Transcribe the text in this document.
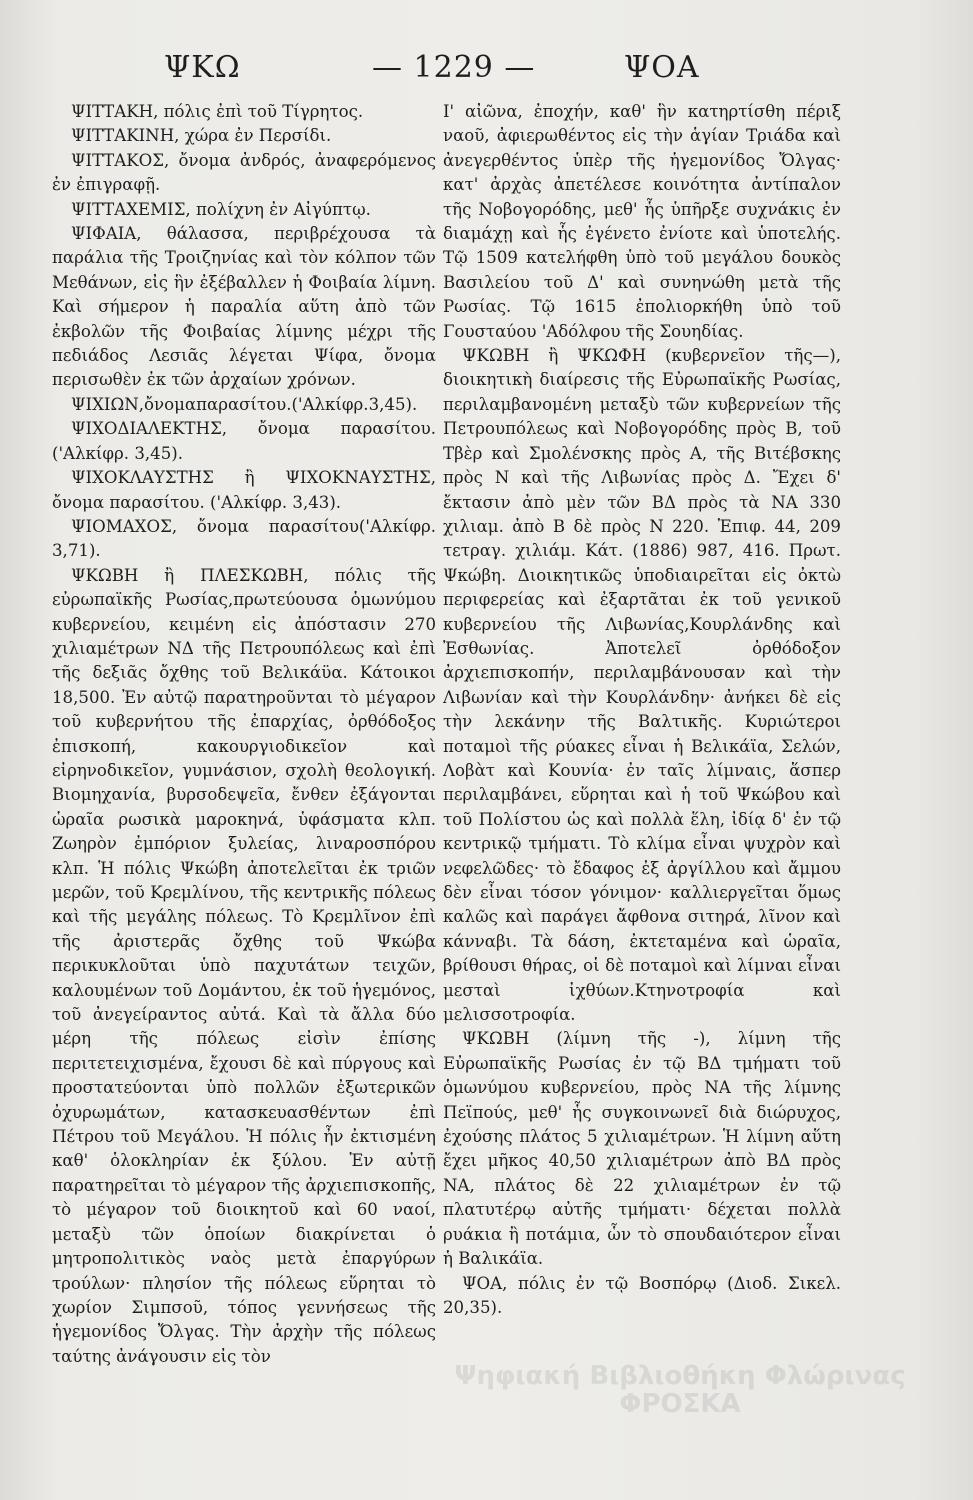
ΨΚΩ	— 1229 —	ΨΟΑ

ΨΙΤΤΑΚΗ, πόλις ἐπὶ τοῦ Τίγρητος.

ΨΙΤΤΑΚΙΝΗ, χώρα ἐν Περσίδι.

ΨΙΤΤΑΚΟΣ, ὄνομα ἀνδρός, ἀναφερόμενος ἐν ἐπιγραφῇ.

ΨΙΤΤΑΧΕΜΙΣ, πολίχνη ἐν Αἰγύπτῳ.

ΨΙΦΑΙΑ, θάλασσα, περιβρέχουσα τὰ παράλια τῆς Τροιζηνίας καὶ τὸν κόλπον τῶν Μεθάνων, εἰς ἣν ἐξέβαλλεν ἡ Φοιβαία λίμνη. Καὶ σήμερον ἡ παραλία αὕτη ἀπὸ τῶν ἐκβολῶν τῆς Φοιβαίας λίμνης μέχρι τῆς πεδιάδος Λεσιᾶς λέγεται Ψίφα, ὄνομα περισωθὲν ἐκ τῶν ἀρχαίων χρόνων.

ΨΙΧΙΩΝ,ὄνομαπαρασίτου.('Αλκίφρ.3,45).

ΨΙΧΟΔΙΑΛΕΚΤΗΣ, ὄνομα παρασίτου. ('Αλκίφρ. 3,45).

ΨΙΧΟΚΛΑΥΣΤΗΣ ἢ ΨΙΧΟΚΝΑΥΣΤΗΣ, ὄνομα παρασίτου. ('Αλκίφρ. 3,43).

ΨΙΟΜΑΧΟΣ, ὄνομα παρασίτου('Αλκίφρ. 3,71).

ΨΚΩΒΗ ἢ ΠΛΕΣΚΩΒΗ, πόλις τῆς εὐρωπαϊκῆς Ρωσίας,πρωτεύουσα ὁμωνύμου κυβερνείου, κειμένη εἰς ἀπόστασιν 270 χιλιαμέτρων ΝΔ τῆς Πετρουπόλεως καὶ ἐπὶ τῆς δεξιᾶς ὄχθης τοῦ Βελικάϋα. Κάτοικοι 18,500. Ἐν αὐτῷ παρατηροῦνται τὸ μέγαρον τοῦ κυβερνήτου τῆς ἐπαρχίας, ὀρθόδοξος ἐπισκοπή, κακουργιοδικεῖον καὶ εἰρηνοδικεῖον, γυμνάσιον, σχολὴ θεολογική. Βιομηχανία, βυρσοδεψεῖα, ἔνθεν ἐξάγονται ὡραῖα ρωσικὰ μαροκηνά, ὑφάσματα κλπ. Ζωηρὸν ἐμπόριον ξυλείας, λιναροσπόρου κλπ. Ἡ πόλις Ψκώβη ἀποτελεῖται ἐκ τριῶν μερῶν, τοῦ Κρεμλίνου, τῆς κεντρικῆς πόλεως καὶ τῆς μεγάλης πόλεως. Τὸ Κρεμλῖνον ἐπὶ τῆς ἀριστερᾶς ὄχθης τοῦ Ψκώβα περικυκλοῦται ὑπὸ παχυτάτων τειχῶν, καλουμένων τοῦ Δομάντου, ἐκ τοῦ ἡγεμόνος, τοῦ ἀνεγείραντος αὐτά. Καὶ τὰ ἄλλα δύο μέρη τῆς πόλεως εἰσὶν ἐπίσης περιτετειχισμένα, ἔχουσι δὲ καὶ πύργους καὶ προστατεύονται ὑπὸ πολλῶν ἐξωτερικῶν ὀχυρωμάτων, κατασκευασθέντων ἐπὶ Πέτρου τοῦ Μεγάλου. Ἡ πόλις ἦν ἐκτισμένη καθ' ὁλοκληρίαν ἐκ ξύλου. Ἐν αὐτῇ παρατηρεῖται τὸ μέγαρον τῆς ἀρχιεπισκοπῆς, τὸ μέγαρον τοῦ διοικητοῦ καὶ 60 ναοί, μεταξὺ τῶν ὁποίων διακρίνεται ὁ μητροπολιτικὸς ναὸς μετὰ ἐπαργύρων τρούλων· πλησίον τῆς πόλεως εὕρηται τὸ χωρίον Σιμπσοῦ, τόπος γεννήσεως τῆς ἡγεμονίδος Ὄλγας. Τὴν ἀρχὴν τῆς πόλεως ταύτης ἀνάγουσιν εἰς τὸν

Ι' αἰῶνα, ἐποχήν, καθ' ἣν κατηρτίσθη πέριξ ναοῦ, ἀφιερωθέντος εἰς τὴν ἁγίαν Τριάδα καὶ ἀνεγερθέντος ὑπὲρ τῆς ἡγεμονίδος Ὄλγας· κατ' ἀρχὰς ἀπετέλεσε κοινότητα ἀντίπαλον τῆς Νοβογορόδης, μεθ' ἧς ὑπῆρξε συχνάκις ἐν διαμάχῃ καὶ ἧς ἐγένετο ἐνίοτε καὶ ὑποτελής. Τῷ 1509 κατελήφθη ὑπὸ τοῦ μεγάλου δουκὸς Βασιλείου τοῦ Δ' καὶ συνηνώθη μετὰ τῆς Ρωσίας. Τῷ 1615 ἐπολιορκήθη ὑπὸ τοῦ Γουσταύου 'Αδόλφου τῆς Σουηδίας.

ΨΚΩΒΗ ἢ ΨΚΩΦΗ (κυβερνεῖον τῆς—), διοικητικὴ διαίρεσις τῆς Εὐρωπαϊκῆς Ρωσίας, περιλαμβανομένη μεταξὺ τῶν κυβερνείων τῆς Πετρουπόλεως καὶ Νοβογορόδης πρὸς Β, τοῦ Τβὲρ καὶ Σμολένσκης πρὸς Α, τῆς Βιτέβσκης πρὸς Ν καὶ τῆς Λιβωνίας πρὸς Δ. Ἔχει δ' ἔκτασιν ἀπὸ μὲν τῶν ΒΔ πρὸς τὰ ΝΑ 330 χιλιαμ. ἀπὸ Β δὲ πρὸς Ν 220. Ἐπιφ. 44, 209 τετραγ. χιλιάμ. Κάτ. (1886) 987, 416. Πρωτ. Ψκώβη. Διοικητικῶς ὑποδιαιρεῖται εἰς ὀκτὼ περιφερείας καὶ ἐξαρτᾶται ἐκ τοῦ γενικοῦ κυβερνείου τῆς Λιβωνίας,Κουρλάνδης καὶ Ἐσθωνίας. Ἀποτελεῖ ὀρθόδοξον ἀρχιεπισκοπήν, περιλαμβάνουσαν καὶ τὴν Λιβωνίαν καὶ τὴν Κουρλάνδην· ἀνήκει δὲ εἰς τὴν λεκάνην τῆς Βαλτικῆς. Κυριώτεροι ποταμοὶ τῆς ρύακες εἶναι ἡ Βελικάϊα, Σελών, Λοβὰτ καὶ Κουνία· ἐν ταῖς λίμναις, ἅσπερ περιλαμβάνει, εὕρηται καὶ ἡ τοῦ Ψκώβου καὶ τοῦ Πολίστου ὡς καὶ πολλὰ ἕλη, ἰδίᾳ δ' ἐν τῷ κεντρικῷ τμήματι. Τὸ κλίμα εἶναι ψυχρὸν καὶ νεφελῶδες· τὸ ἔδαφος ἐξ ἀργίλλου καὶ ἄμμου δὲν εἶναι τόσον γόνιμον· καλλιεργεῖται ὅμως καλῶς καὶ παράγει ἄφθονα σιτηρά, λῖνον καὶ κάνναβι. Τὰ δάση, ἐκτεταμένα καὶ ὡραῖα, βρίθουσι θήρας, οἱ δὲ ποταμοὶ καὶ λίμναι εἶναι μεσταὶ ἰχθύων.Κτηνοτροφία καὶ μελισσοτροφία.

ΨΚΩΒΗ (λίμνη τῆς -), λίμνη τῆς Εὐρωπαϊκῆς Ρωσίας ἐν τῷ ΒΔ τμήματι τοῦ ὁμωνύμου κυβερνείου, πρὸς ΝΑ τῆς λίμνης Πεϊπούς, μεθ' ἧς συγκοινωνεῖ διὰ διώρυχος, ἐχούσης πλάτος 5 χιλιαμέτρων. Ἡ λίμνη αὕτη ἔχει μῆκος 40,50 χιλιαμέτρων ἀπὸ ΒΔ πρὸς ΝΑ, πλάτος δὲ 22 χιλιαμέτρων ἐν τῷ πλατυτέρῳ αὐτῆς τμήματι· δέχεται πολλὰ ρυάκια ἢ ποτάμια, ὧν τὸ σπουδαιότερον εἶναι ἡ Βαλικάϊα.

ΨΟΑ, πόλις ἐν τῷ Βοσπόρῳ (Διοδ. Σικελ. 20,35).

Ψηφιακή Βιβλιοθήκη Φλώρινας
ΦΡΟΣΚΑ
